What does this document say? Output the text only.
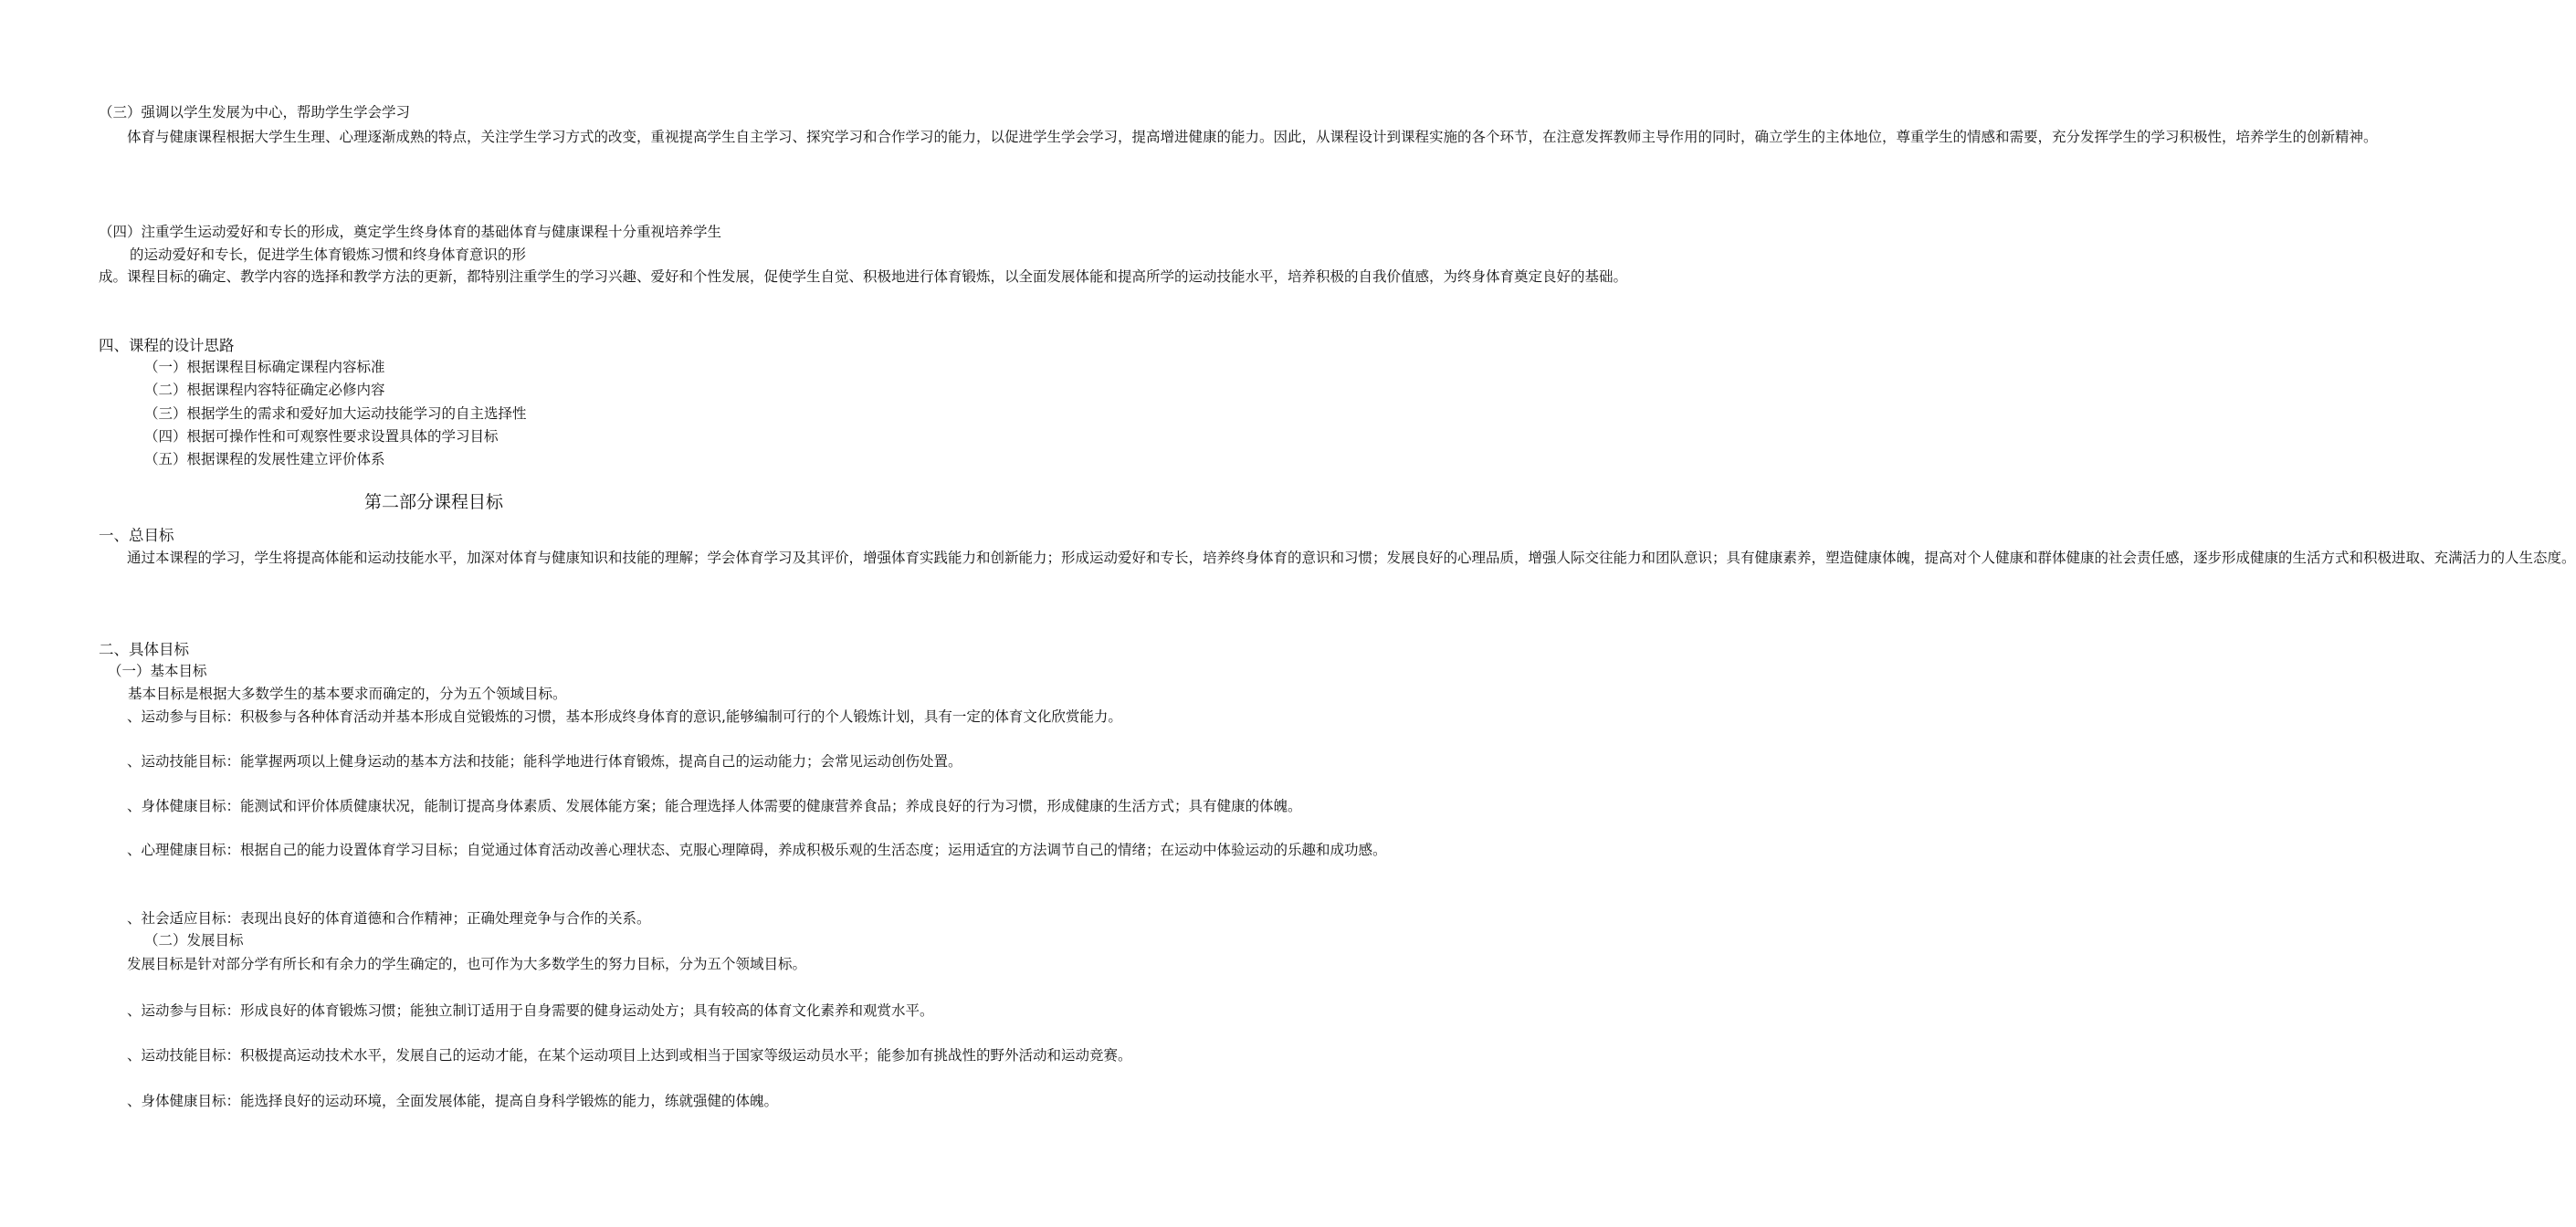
（三）强调以学生发展为中心，帮助学生学会学习

体育与健康课程根据大学生生理、心理逐渐成熟的特点，关注学生学习方式的改变，重视提高学生自主学习、探究学习和合作学习的能力，以促进学生学会学习，提高增进健康的能力。因此，从课程设计到课程实施的各个环节，在注意发挥教师主导作用的同时，确立学生的主体地位，尊重学生的情感和需要，充分发挥学生的学习积极性，培养学生的创新精神。

（四）注重学生运动爱好和专长的形成，奠定学生终身体育的基础体育与健康课程十分重视培养学生

的运动爱好和专长，促进学生体育锻炼习惯和终身体育意识的形

成。课程目标的确定、教学内容的选择和教学方法的更新，都特别注重学生的学习兴趣、爱好和个性发展，促使学生自觉、积极地进行体育锻炼，以全面发展体能和提高所学的运动技能水平，培养积极的自我价值感，为终身体育奠定良好的基础。

四、课程的设计思路

（一）根据课程目标确定课程内容标准

（二）根据课程内容特征确定必修内容

（三）根据学生的需求和爱好加大运动技能学习的自主选择性

（四）根据可操作性和可观察性要求设置具体的学习目标

（五）根据课程的发展性建立评价体系

第二部分课程目标

一、总目标

通过本课程的学习，学生将提高体能和运动技能水平，加深对体育与健康知识和技能的理解；学会体育学习及其评价，增强体育实践能力和创新能力；形成运动爱好和专长，培养终身体育的意识和习惯；发展良好的心理品质，增强人际交往能力和团队意识；具有健康素养，塑造健康体魄，提高对个人健康和群体健康的社会责任感，逐步形成健康的生活方式和积极进取、充满活力的人生态度。

二、具体目标

（一）基本目标

基本目标是根据大多数学生的基本要求而确定的，分为五个领域目标。

、运动参与目标：积极参与各种体育活动并基本形成自觉锻炼的习惯，基本形成终身体育的意识,能够编制可行的个人锻炼计划，具有一定的体育文化欣赏能力。

、运动技能目标：能掌握两项以上健身运动的基本方法和技能；能科学地进行体育锻炼，提高自己的运动能力；会常见运动创伤处置。

、身体健康目标：能测试和评价体质健康状况，能制订提高身体素质、发展体能方案；能合理选择人体需要的健康营养食品；养成良好的行为习惯，形成健康的生活方式；具有健康的体魄。

、心理健康目标：根据自己的能力设置体育学习目标；自觉通过体育活动改善心理状态、克服心理障碍，养成积极乐观的生活态度；运用适宜的方法调节自己的情绪；在运动中体验运动的乐趣和成功感。

、社会适应目标：表现出良好的体育道德和合作精神；正确处理竞争与合作的关系。

（二）发展目标

发展目标是针对部分学有所长和有余力的学生确定的，也可作为大多数学生的努力目标，分为五个领域目标。

、运动参与目标：形成良好的体育锻炼习惯；能独立制订适用于自身需要的健身运动处方；具有较高的体育文化素养和观赏水平。

、运动技能目标：积极提高运动技术水平，发展自己的运动才能，在某个运动项目上达到或相当于国家等级运动员水平；能参加有挑战性的野外活动和运动竞赛。

、身体健康目标：能选择良好的运动环境，全面发展体能，提高自身科学锻炼的能力，练就强健的体魄。
